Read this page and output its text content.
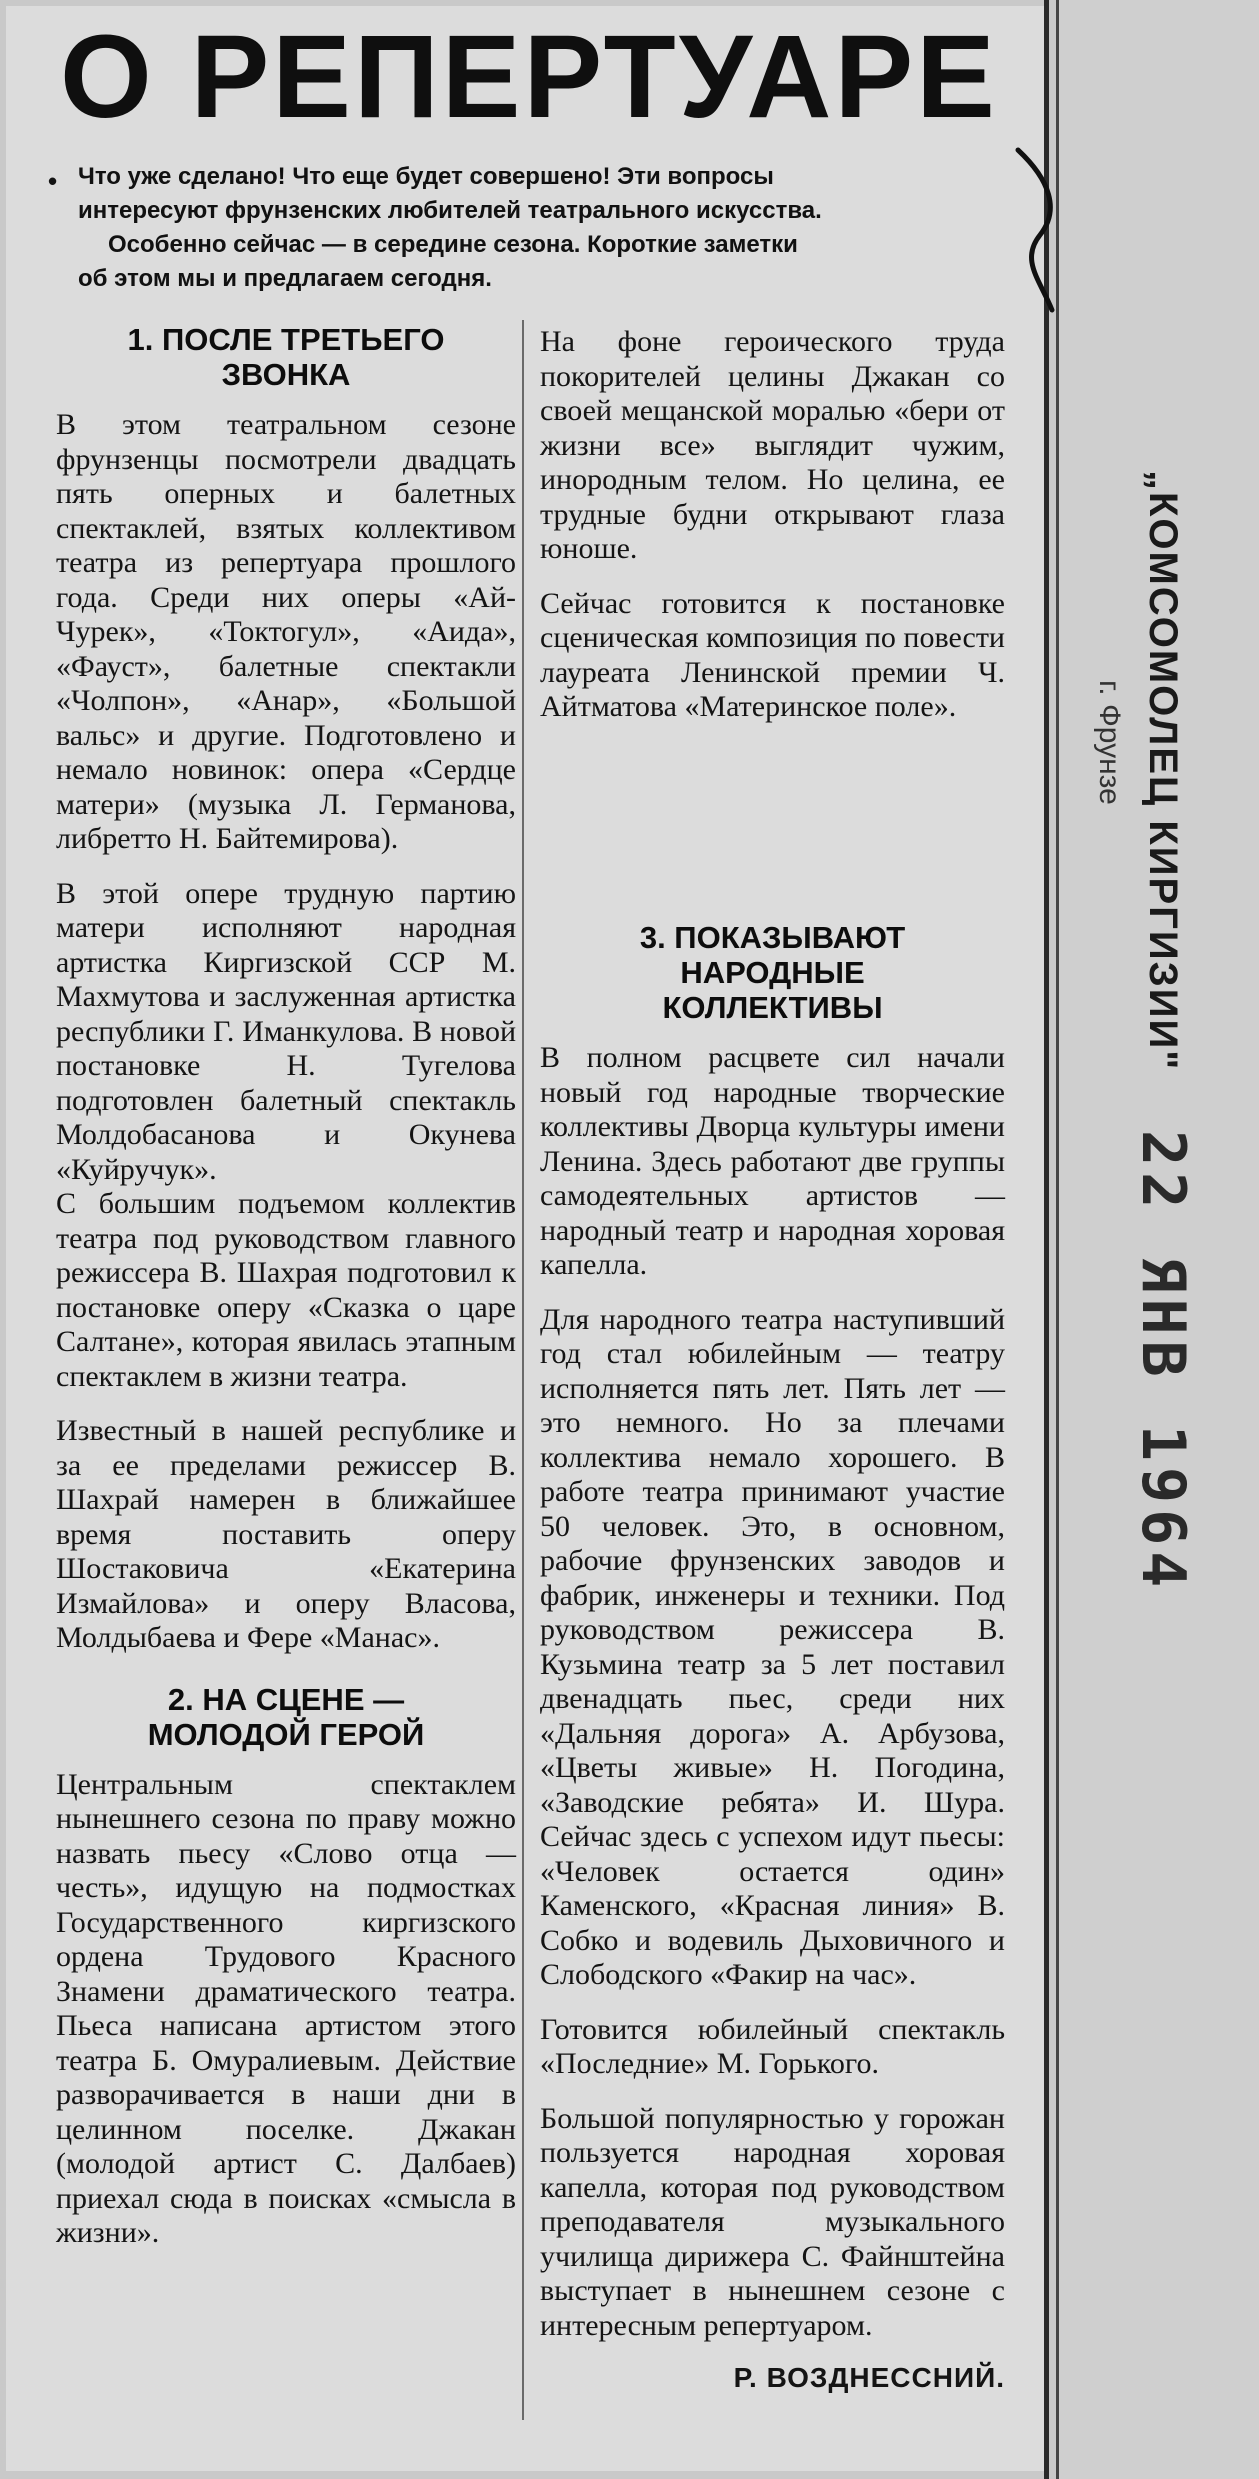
„КОМСОМОЛЕЦ КИРГИЗИИ"
г. Фрунзе
22 ЯНВ 1964
О РЕПЕРТУАРЕ
• Что уже сделано! Что еще будет совершено! Эти вопросы
интересуют фрунзенских любителей театрального искусства.
Особенно сейчас — в середине сезона. Короткие заметки
об этом мы и предлагаем сегодня.
1. ПОСЛЕ ТРЕТЬЕГО
ЗВОНКА

В этом театральном сезоне фрунзенцы посмотрели двадцать пять оперных и балетных спектаклей, взятых коллективом театра из репертуара прошлого года. Среди них оперы «Ай-Чурек», «Токтогул», «Аида», «Фауст», балетные спектакли «Чолпон», «Анар», «Большой вальс» и другие. Подготовлено и немало новинок: опера «Сердце матери» (музыка Л. Германова, либретто Н. Байтемирова).

В этой опере трудную партию матери исполняют народная артистка Киргизской ССР М. Махмутова и заслуженная артистка республики Г. Иманкулова. В новой постановке Н. Тугелова подготовлен балетный спектакль Молдобасанова и Окунева «Куйручук».

С большим подъемом коллектив театра под руководством главного режиссера В. Шахрая подготовил к постановке оперу «Сказка о царе Салтане», которая явилась этапным спектаклем в жизни театра.

Известный в нашей республике и за ее пределами режиссер В. Шахрай намерен в ближайшее время поставить оперу Шостаковича «Екатерина Измайлова» и оперу Власова, Молдыбаева и Фере «Манас».

2. НА СЦЕНЕ —
МОЛОДОЙ ГЕРОЙ

Центральным спектаклем нынешнего сезона по праву можно назвать пьесу «Слово отца — честь», идущую на подмостках Государственного киргизского ордена Трудового Красного Знамени драматического театра. Пьеса написана артистом этого театра Б. Омуралиевым. Действие разворачивается в наши дни в целинном поселке. Джакан (молодой артист С. Далбаев) приехал сюда в поисках «смысла в жизни».

На фоне героического труда покорителей целины Джакан со своей мещанской моралью «бери от жизни все» выглядит чужим, инородным телом. Но целина, ее трудные будни открывают глаза юноше.

Сейчас готовится к постановке сценическая композиция по повести лауреата Ленинской премии Ч. Айтматова «Материнское поле».

3. ПОКАЗЫВАЮТ
НАРОДНЫЕ
КОЛЛЕКТИВЫ

В полном расцвете сил начали новый год народные творческие коллективы Дворца культуры имени Ленина. Здесь работают две группы самодеятельных артистов — народный театр и народная хоровая капелла.

Для народного театра наступивший год стал юбилейным — театру исполняется пять лет. Пять лет — это немного. Но за плечами коллектива немало хорошего. В работе театра принимают участие 50 человек. Это, в основном, рабочие фрунзенских заводов и фабрик, инженеры и техники. Под руководством режиссера В. Кузьмина театр за 5 лет поставил двенадцать пьес, среди них «Дальняя дорога» А. Арбузова, «Цветы живые» Н. Погодина, «Заводские ребята» И. Шура. Сейчас здесь с успехом идут пьесы: «Человек остается один» Каменского, «Красная линия» В. Собко и водевиль Дыховичного и Слободского «Факир на час».

Готовится юбилейный спектакль «Последние» М. Горького.

Большой популярностью у горожан пользуется народная хоровая капелла, которая под руководством преподавателя музыкального училища дирижера С. Файнштейна выступает в нынешнем сезоне с интересным репертуаром.

Р. ВОЗДНЕССНИЙ.
